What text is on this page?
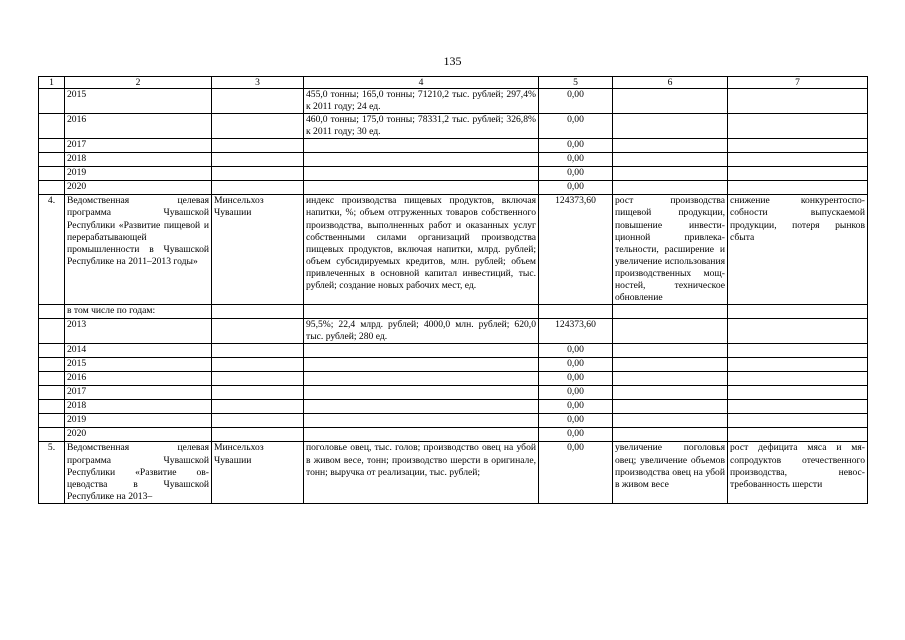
135
1	2	3	4	5	6	7
	2015		455,0 тонны; 165,0 тонны; 71210,2 тыс. рублей; 297,4% к 2011 году; 24 ед.	0,00		
	2016		460,0 тонны; 175,0 тонны; 78331,2 тыс. рублей; 326,8% к 2011 году; 30 ед.	0,00		
	2017			0,00		
	2018			0,00		
	2019			0,00		
	2020			0,00		
4.	Ведомственная целевая программа Чувашской Республики «Развитие пищевой и перерабатывающей промышленности в Чувашской Республике на 2011–2013 годы»	Минсельхоз Чувашии	индекс производства пищевых продуктов, включая напитки, %; объем отгруженных товаров собственного производства, выполненных работ и оказанных услуг собственными силами организаций производства пищевых продуктов, включая напитки, млрд. рублей; объем субсидируемых кредитов, млн. рублей; объем привлеченных в основной капитал инвестиций, тыс. рублей; создание новых рабочих мест, ед.	124373,60	рост производства пищевой продукции, повышение инвестиционной привлекательности, расширение и увеличение использования производственных мощностей, техническое обновление	снижение конкурентоспособности выпускаемой продукции, потеря рынков сбыта
	в том числе по годам:					
	2013		95,5%; 22,4 млрд. рублей; 4000,0 млн. рублей; 620,0 тыс. рублей; 280 ед.	124373,60		
	2014			0,00		
	2015			0,00		
	2016			0,00		
	2017			0,00		
	2018			0,00		
	2019			0,00		
	2020			0,00		
5.	Ведомственная целевая программа Чувашской Республики «Развитие овцеводства в Чувашской Республике на 2013–	Минсельхоз Чувашии	поголовье овец, тыс. голов; производство овец на убой в живом весе, тонн; производство шерсти в оригинале, тонн; выручка от реализации, тыс. рублей;	0,00	увеличение поголовья овец; увеличение объемов производства овец на убой в живом весе	рост дефицита мяса и мясопродуктов отечественного производства, невостребованность шерсти
